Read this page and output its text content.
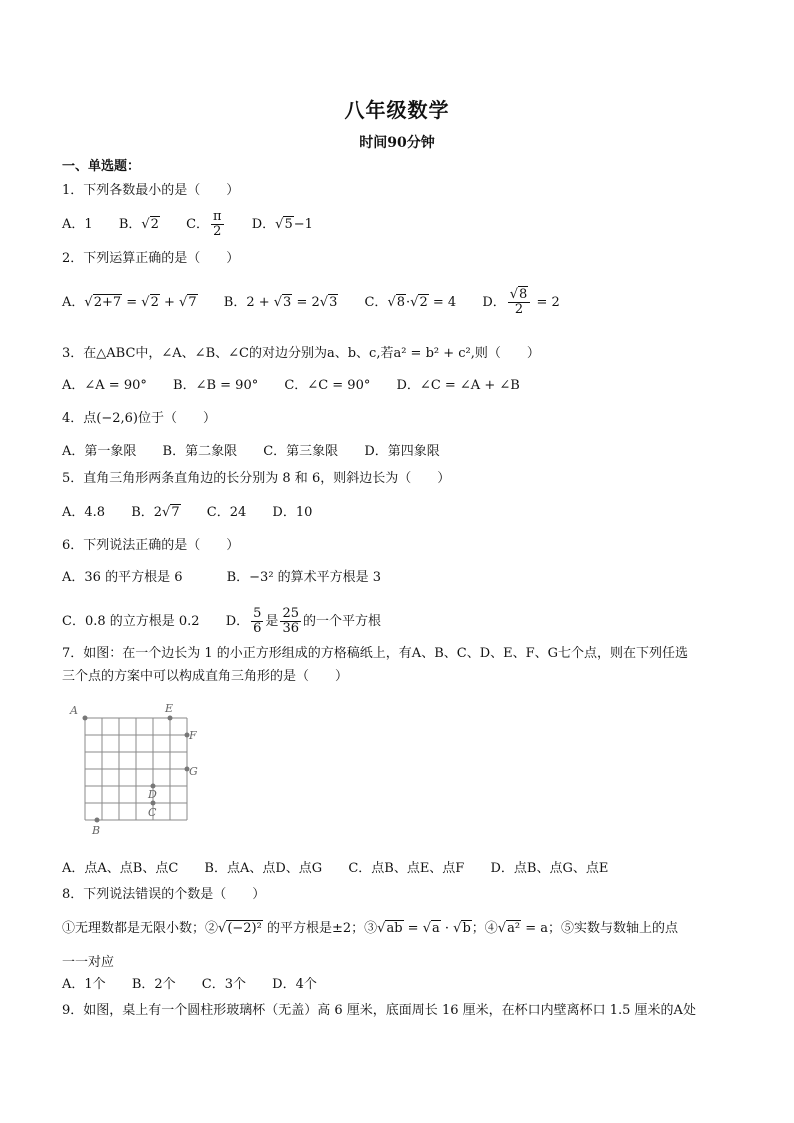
八年级数学
时间90分钟
一、单选题：
1．下列各数最小的是（　　）
A．1 B．√2 C． $\frac{\pi}{2}$ D．√5−1
2．下列运算正确的是（　　）
A．√2+7 = √2 + √7 B．2 + √3 = 2√3 C．√8·√2 = 4 D． $\frac{√8}{2} = 2$
3．在△ABC中，∠A、∠B、∠C的对边分别为a、b、c,若a² = b² + c²,则（　　）
A．∠A = 90° B．∠B = 90° C．∠C = 90° D．∠C = ∠A + ∠B
4．点(−2,6)位于（　　）
A．第一象限 B．第二象限 C．第三象限 D．第四象限
5．直角三角形两条直角边的长分别为 8 和 6，则斜边长为（　　）
A．4.8 B．2√7 C．24 D．10
6．下列说法正确的是（　　）
A．36 的平方根是 6	B．−3² 的算术平方根是 3
C．0.8 的立方根是 0.2 D． $\frac{5}{6}$ 是 $\frac{25}{36}$ 的一个平方根
7．如图：在一个边长为 1 的小正方形组成的方格稿纸上，有A、B、C、D、E、F、G七个点，则在下列任选
三个点的方案中可以构成直角三角形的是（　　）
A	E
F
G
D
C
B
A．点A、点B、点C B．点A、点D、点G C．点B、点E、点F D．点B、点G、点E
8．下列说法错误的个数是（　　）
①无理数都是无限小数；②√(−2)² 的平方根是±2；③√ab = √a · √b；④√a² = a；⑤实数与数轴上的点
一一对应
A．1个 B．2个 C．3个 D．4个
9．如图，桌上有一个圆柱形玻璃杯（无盖）高 6 厘米，底面周长 16 厘米，在杯口内壁离杯口 1.5 厘米的A处
